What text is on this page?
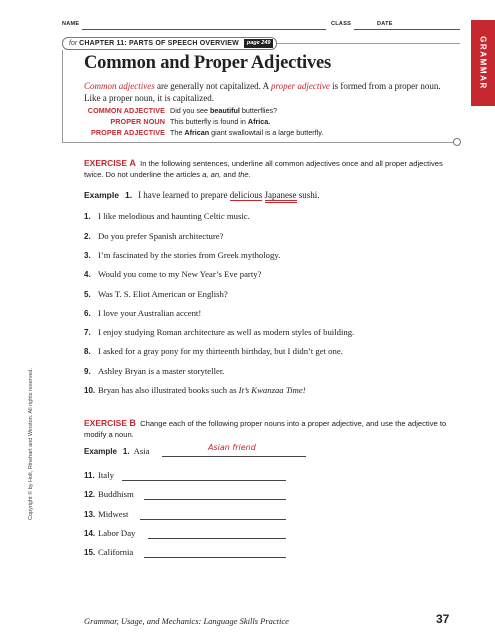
NAME	CLASS	DATE
for CHAPTER 11: PARTS OF SPEECH OVERVIEW page 249	GRAMMAR
Common and Proper Adjectives
Common adjectives are generally not capitalized. A proper adjective is formed from a proper noun. Like a proper noun, it is capitalized.
COMMON ADJECTIVE Did you see beautiful butterflies?
PROPER NOUN This butterfly is found in Africa.
PROPER ADJECTIVE The African giant swallowtail is a large butterfly.
EXERCISE A In the following sentences, underline all common adjectives once and all proper adjectives twice. Do not underline the articles a, an, and the.
Example 1. I have learned to prepare delicious Japanese sushi.
1. I like melodious and haunting Celtic music.
2. Do you prefer Spanish architecture?
3. I’m fascinated by the stories from Greek mythology.
4. Would you come to my New Year’s Eve party?
5. Was T. S. Eliot American or English?
6. I love your Australian accent!
7. I enjoy studying Roman architecture as well as modern styles of building.
8. I asked for a gray pony for my thirteenth birthday, but I didn’t get one.
9. Ashley Bryan is a master storyteller.
10. Bryan has also illustrated books such as It’s Kwanzaa Time!
EXERCISE B Change each of the following proper nouns into a proper adjective, and use the adjective to modify a noun.
Example 1. Asia	Asian friend
11. Italy
12. Buddhism
13. Midwest
14. Labor Day
15. California
Copyright © by Holt, Rinehart and Winston. All rights reserved.
Grammar, Usage, and Mechanics: Language Skills Practice	37
